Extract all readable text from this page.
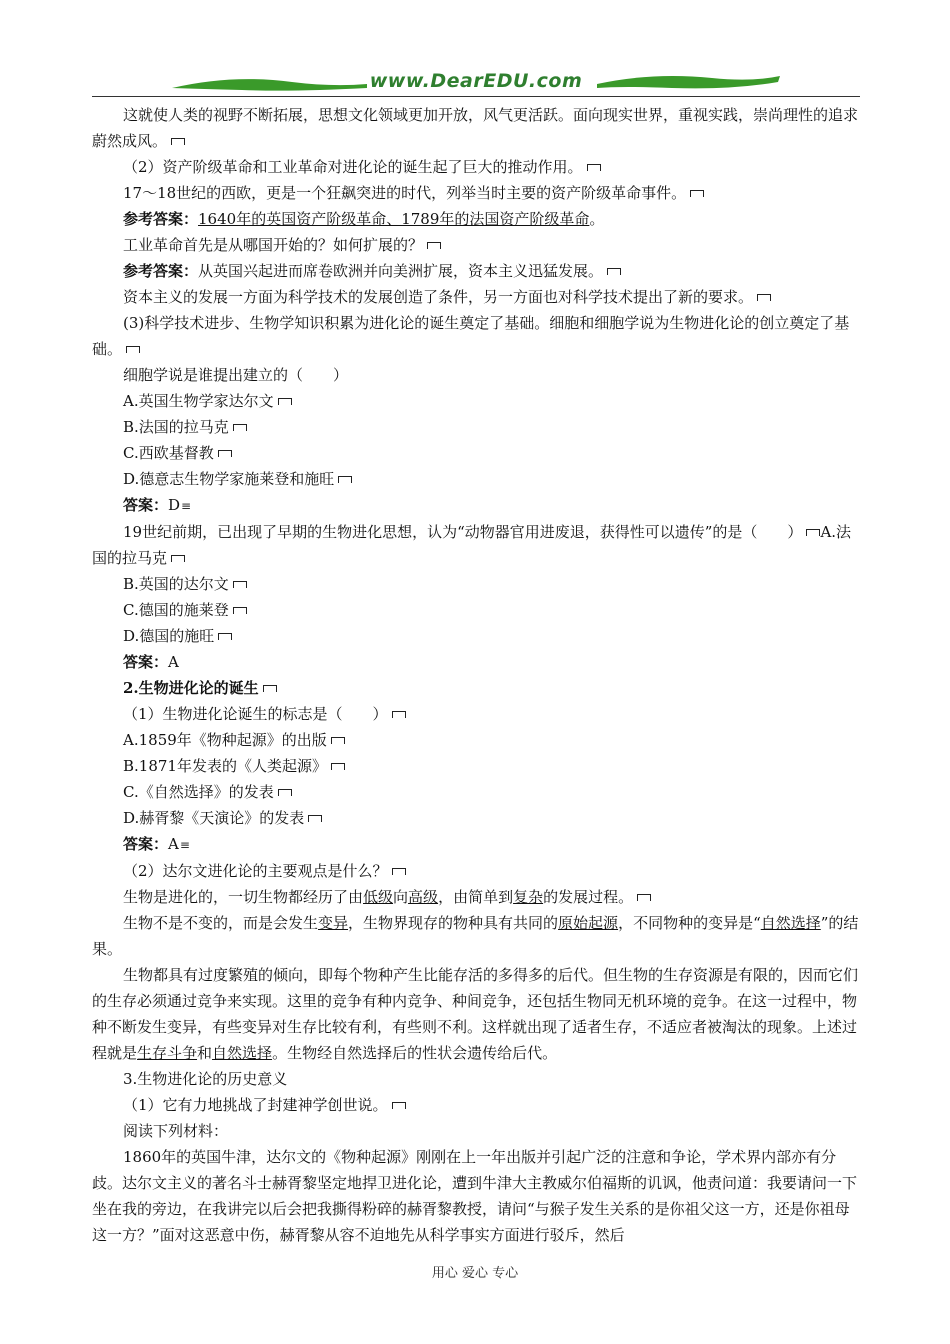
www.DearEDU.com

这就使人类的视野不断拓展，思想文化领域更加开放，风气更活跃。面向现实世界，重视实践，崇尚理性的追求蔚然成风。

（2）资产阶级革命和工业革命对进化论的诞生起了巨大的推动作用。

17～18世纪的西欧，更是一个狂飙突进的时代，列举当时主要的资产阶级革命事件。

参考答案：1640年的英国资产阶级革命、1789年的法国资产阶级革命。

工业革命首先是从哪国开始的？如何扩展的？

参考答案：从英国兴起进而席卷欧洲并向美洲扩展，资本主义迅猛发展。

资本主义的发展一方面为科学技术的发展创造了条件，另一方面也对科学技术提出了新的要求。

(3)科学技术进步、生物学知识积累为进化论的诞生奠定了基础。细胞和细胞学说为生物进化论的创立奠定了基础。

细胞学说是谁提出建立的（　　）

A.英国生物学家达尔文

B.法国的拉马克

C.西欧基督教

D.德意志生物学家施莱登和施旺

答案：D≡

19世纪前期，已出现了早期的生物进化思想，认为“动物器官用进废退，获得性可以遗传”的是（　　） A.法国的拉马克

B.英国的达尔文

C.德国的施莱登

D.德国的施旺

答案：A

2.生物进化论的诞生

（1）生物进化论诞生的标志是（　　）

A.1859年《物种起源》的出版

B.1871年发表的《人类起源》

C.《自然选择》的发表

D.赫胥黎《天演论》的发表

答案：A≡

（2）达尔文进化论的主要观点是什么？

生物是进化的，一切生物都经历了由低级向高级，由简单到复杂的发展过程。

生物不是不变的，而是会发生变异，生物界现存的物种具有共同的原始起源，不同物种的变异是“自然选择”的结果。

生物都具有过度繁殖的倾向，即每个物种产生比能存活的多得多的后代。但生物的生存资源是有限的，因而它们的生存必须通过竞争来实现。这里的竞争有种内竞争、种间竞争，还包括生物同无机环境的竞争。在这一过程中，物种不断发生变异，有些变异对生存比较有利，有些则不利。这样就出现了适者生存，不适应者被淘汰的现象。上述过程就是生存斗争和自然选择。生物经自然选择后的性状会遗传给后代。

3.生物进化论的历史意义

（1）它有力地挑战了封建神学创世说。

阅读下列材料：

1860年的英国牛津，达尔文的《物种起源》刚刚在上一年出版并引起广泛的注意和争论，学术界内部亦有分歧。达尔文主义的著名斗士赫胥黎坚定地捍卫进化论，遭到牛津大主教威尔伯福斯的讥讽，他责问道：我要请问一下坐在我的旁边，在我讲完以后会把我撕得粉碎的赫胥黎教授，请问“与猴子发生关系的是你祖父这一方，还是你祖母这一方？”面对这恶意中伤，赫胥黎从容不迫地先从科学事实方面进行驳斥，然后

用心 爱心 专心
